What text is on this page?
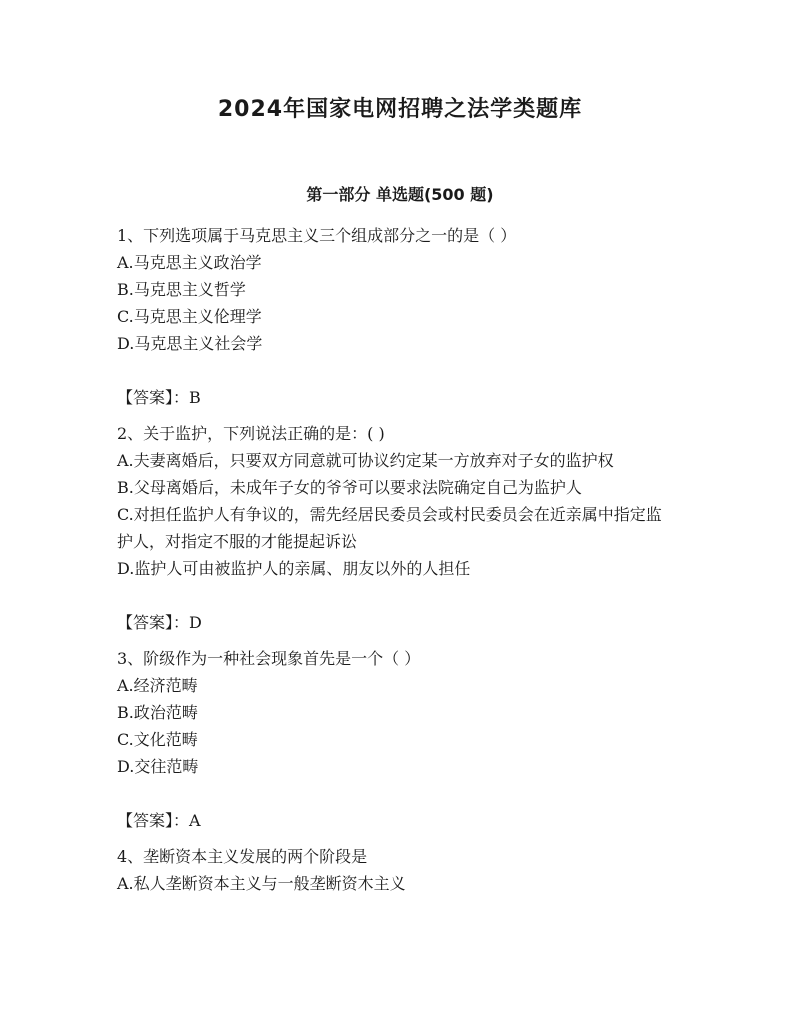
2024年国家电网招聘之法学类题库
第一部分 单选题(500 题)
1、下列选项属于马克思主义三个组成部分之一的是（ ）
A.马克思主义政治学
B.马克思主义哲学
C.马克思主义伦理学
D.马克思主义社会学
【答案】：B
2、关于监护，下列说法正确的是：( )
A.夫妻离婚后，只要双方同意就可协议约定某一方放弃对子女的监护权
B.父母离婚后，未成年子女的爷爷可以要求法院确定自己为监护人
C.对担任监护人有争议的，需先经居民委员会或村民委员会在近亲属中指定监护人，对指定不服的才能提起诉讼
D.监护人可由被监护人的亲属、朋友以外的人担任
【答案】：D
3、阶级作为一种社会现象首先是一个（ ）
A.经济范畴
B.政治范畴
C.文化范畴
D.交往范畴
【答案】：A
4、垄断资本主义发展的两个阶段是
A.私人垄断资本主义与一般垄断资木主义
